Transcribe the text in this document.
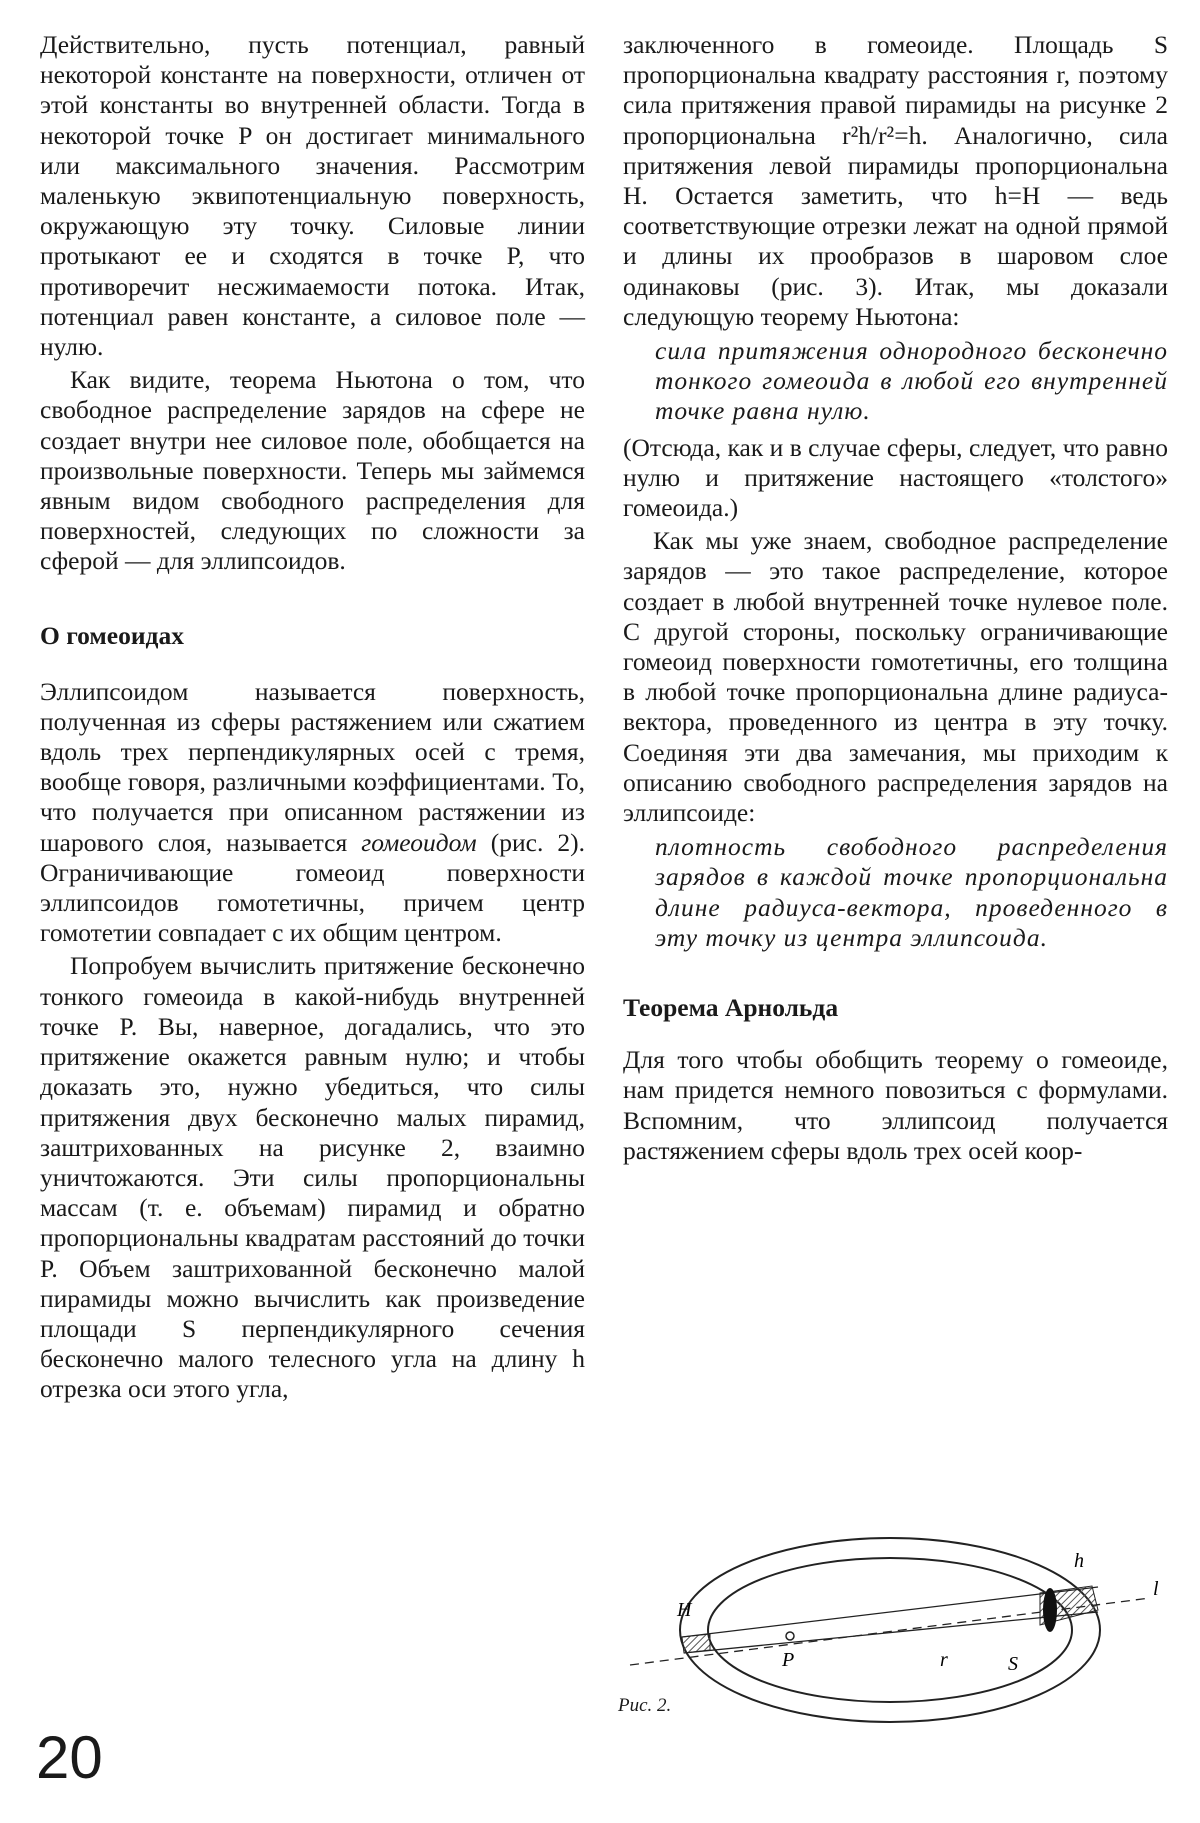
Действительно, пусть потенциал, равный некоторой константе на поверхности, отличен от этой константы во внутренней области. Тогда в некоторой точке P он достигает минимального или максимального значения. Рассмотрим маленькую эквипотенциальную поверхность, окружающую эту точку. Силовые линии протыкают ее и сходятся в точке P, что противоречит несжимаемости потока. Итак, потенциал равен константе, а силовое поле — нулю.

Как видите, теорема Ньютона о том, что свободное распределение зарядов на сфере не создает внутри нее силовое поле, обобщается на произвольные поверхности. Теперь мы займемся явным видом свободного распределения для поверхностей, следующих по сложности за сферой — для эллипсоидов.

О гомеоидах

Эллипсоидом называется поверхность, полученная из сферы растяжением или сжатием вдоль трех перпендикулярных осей с тремя, вообще говоря, различными коэффициентами. То, что получается при описанном растяжении из шарового слоя, называется гомеоидом (рис. 2). Ограничивающие гомеоид поверхности эллипсоидов гомотетичны, причем центр гомотетии совпадает с их общим центром.

Попробуем вычислить притяжение бесконечно тонкого гомеоида в какой-нибудь внутренней точке P. Вы, наверное, догадались, что это притяжение окажется равным нулю; и чтобы доказать это, нужно убедиться, что силы притяжения двух бесконечно малых пирамид, заштрихованных на рисунке 2, взаимно уничтожаются. Эти силы пропорциональны массам (т. е. объемам) пирамид и обратно пропорциональны квадратам расстояний до точки P. Объем заштрихованной бесконечно малой пирамиды можно вычислить как произведение площади S перпендикулярного сечения бесконечно малого телесного угла на длину h отрезка оси этого угла,

заключенного в гомеоиде. Площадь S пропорциональна квадрату расстояния r, поэтому сила притяжения правой пирамиды на рисунке 2 пропорциональна r²h/r²=h. Аналогично, сила притяжения левой пирамиды пропорциональна H. Остается заметить, что h=H — ведь соответствующие отрезки лежат на одной прямой и длины их прообразов в шаровом слое одинаковы (рис. 3). Итак, мы доказали следующую теорему Ньютона:

сила притяжения однородного бесконечно тонкого гомеоида в любой его внутренней точке равна нулю.

(Отсюда, как и в случае сферы, следует, что равно нулю и притяжение настоящего «толстого» гомеоида.)

Как мы уже знаем, свободное распределение зарядов — это такое распределение, которое создает в любой внутренней точке нулевое поле. С другой стороны, поскольку ограничивающие гомеоид поверхности гомотетичны, его толщина в любой точке пропорциональна длине радиуса-вектора, проведенного из центра в эту точку. Соединяя эти два замечания, мы приходим к описанию свободного распределения зарядов на эллипсоиде:

плотность свободного распределения зарядов в каждой точке пропорциональна длине радиуса-вектора, проведенного в эту точку из центра эллипсоида.

Теорема Арнольда

Для того чтобы обобщить теорему о гомеоиде, нам придется немного повозиться с формулами. Вспомним, что эллипсоид получается растяжением сферы вдоль трех осей коор-

H
h
l
P	r	S
Рис. 2.
20
